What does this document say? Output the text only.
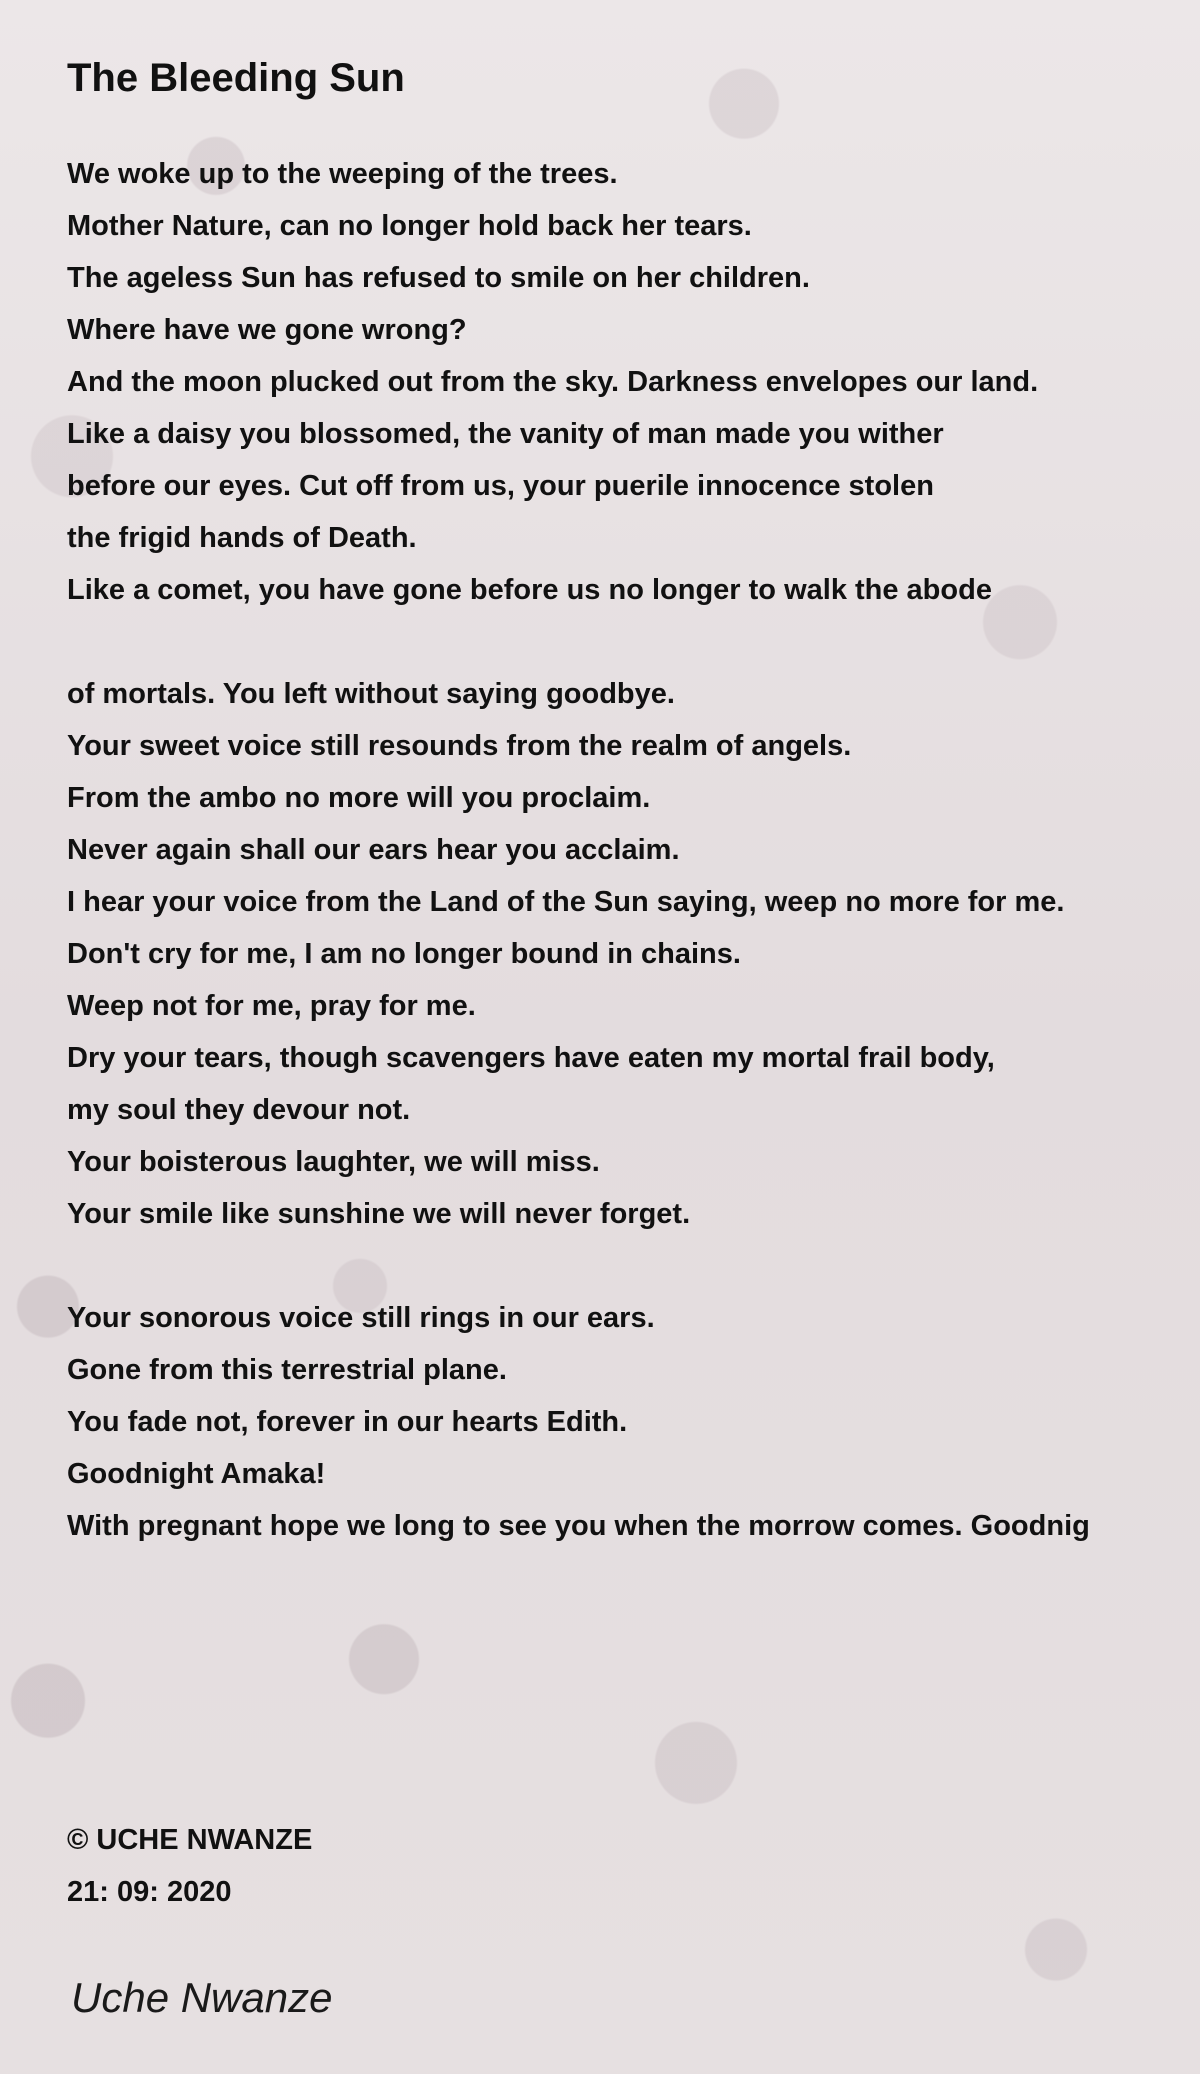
The Bleeding Sun
We woke up to the weeping of the trees.
Mother Nature, can no longer hold back her tears.
The ageless Sun has refused to smile on her children.
Where have we gone wrong?
And the moon plucked out from the sky. Darkness envelopes our land.
Like a daisy you blossomed, the vanity of man made you wither
before our eyes. Cut off from us, your puerile innocence stolen
the frigid hands of Death.
Like a comet, you have gone before us no longer to walk the abode
of mortals. You left without saying goodbye.
Your sweet voice still resounds from the realm of angels.
From the ambo no more will you proclaim.
Never again shall our ears hear you acclaim.
I hear your voice from the Land of the Sun saying, weep no more for me.
Don't cry for me, I am no longer bound in chains.
Weep not for me, pray for me.
Dry your tears, though scavengers have eaten my mortal frail body,
my soul they devour not.
Your boisterous laughter, we will miss.
Your smile like sunshine we will never forget.
Your sonorous voice still rings in our ears.
Gone from this terrestrial plane.
You fade not, forever in our hearts Edith.
Goodnight Amaka!
With pregnant hope we long to see you when the morrow comes. Goodnig
© UCHE NWANZE
21: 09: 2020
Uche Nwanze
